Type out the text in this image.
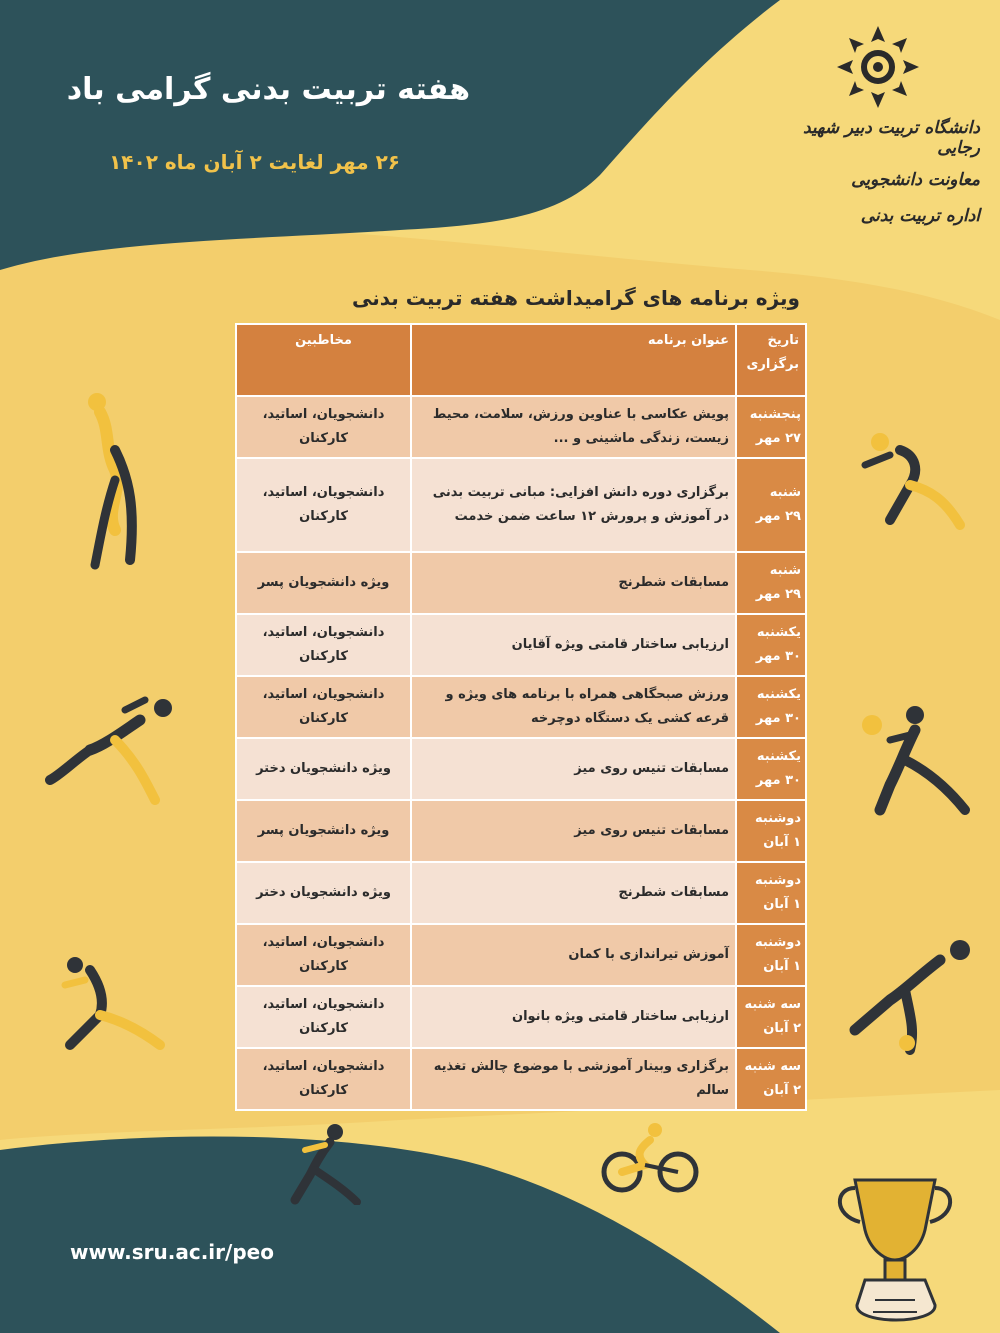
هفته تربیت بدنی گرامی باد
۲۶ مهر لغایت ۲ آبان ماه ۱۴۰۲
دانشگاه تربیت دبیر شهید رجایی
معاونت دانشجویی
اداره تربیت بدنی
ویژه برنامه های گرامیداشت هفته تربیت بدنی
تاریخ برگزاری	عنوان برنامه	مخاطبین

پنجشنبه
۲۷ مهر	پویش عکاسی با عناوین ورزش، سلامت، محیط زیست، زندگی ماشینی و ...	دانشجویان، اساتید، کارکنان

شنبه
۲۹ مهر	برگزاری دوره دانش افزایی: مبانی تربیت بدنی در آموزش و پرورش ۱۲ ساعت ضمن خدمت	دانشجویان، اساتید، کارکنان

شنبه
۲۹ مهر	مسابقات شطرنج	ویژه دانشجویان پسر

یکشنبه
۳۰ مهر	ارزیابی ساختار قامتی ویژه آقایان	دانشجویان، اساتید، کارکنان

یکشنبه
۳۰ مهر	ورزش صبحگاهی همراه با برنامه های ویژه و قرعه کشی یک دستگاه دوچرخه	دانشجویان، اساتید، کارکنان

یکشنبه
۳۰ مهر	مسابقات تنیس روی میز	ویژه دانشجویان دختر

دوشنبه
۱ آبان	مسابقات تنیس روی میز	ویژه دانشجویان پسر

دوشنبه
۱ آبان	مسابقات شطرنج	ویژه دانشجویان دختر

دوشنبه
۱ آبان	آموزش تیراندازی با کمان	دانشجویان، اساتید، کارکنان

سه شنبه
۲ آبان	ارزیابی ساختار قامتی ویژه بانوان	دانشجویان، اساتید، کارکنان

سه شنبه
۲ آبان	برگزاری وبینار آموزشی با موضوع چالش تغذیه سالم	دانشجویان، اساتید، کارکنان
www.sru.ac.ir/peo
